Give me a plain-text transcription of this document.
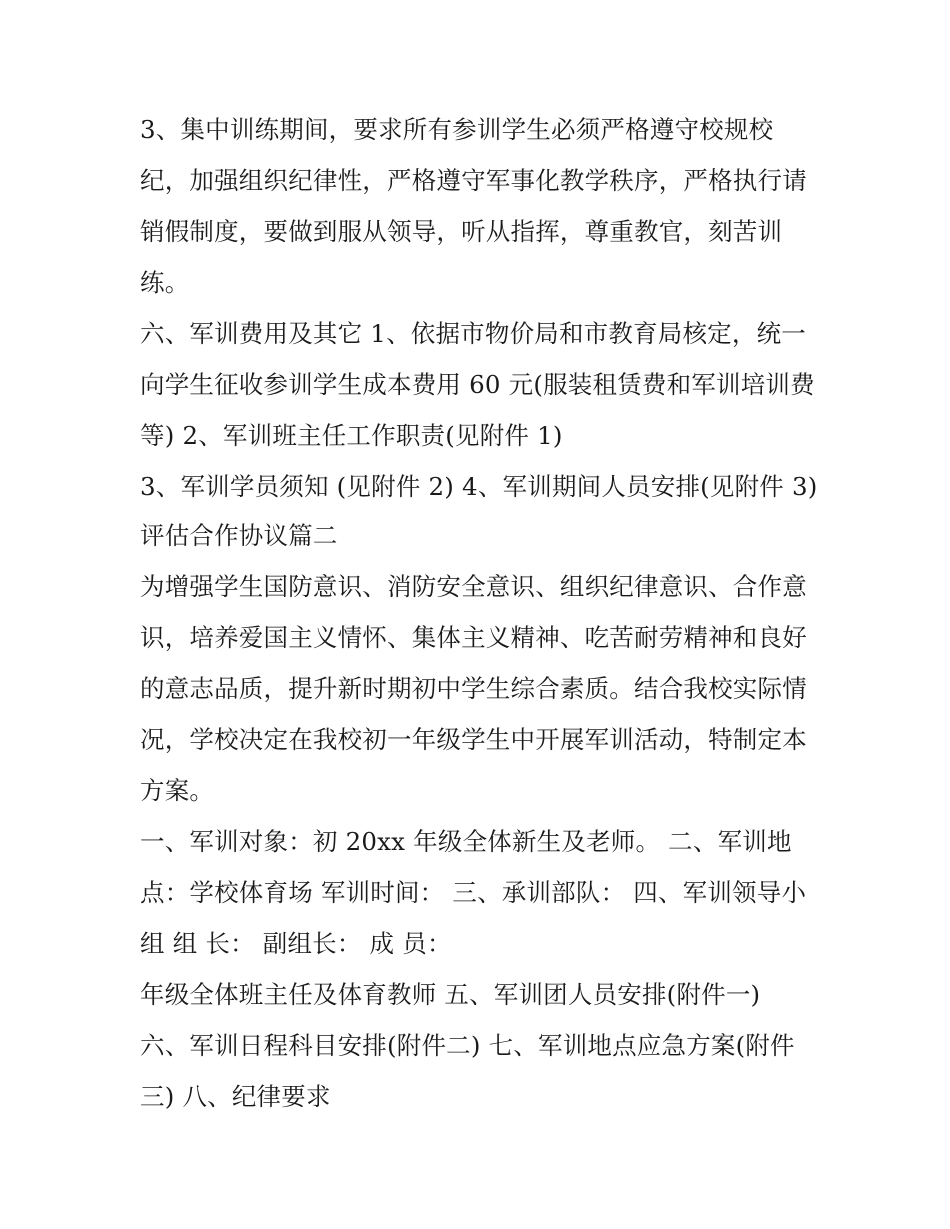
3、集中训练期间，要求所有参训学生必须严格遵守校规校
纪，加强组织纪律性，严格遵守军事化教学秩序，严格执行请
销假制度，要做到服从领导，听从指挥，尊重教官，刻苦训
练。
六、军训费用及其它 1、依据市物价局和市教育局核定，统一
向学生征收参训学生成本费用 60 元(服装租赁费和军训培训费
等) 2、军训班主任工作职责(见附件 1)
3、军训学员须知 (见附件 2) 4、军训期间人员安排(见附件 3)
评估合作协议篇二
为增强学生国防意识、消防安全意识、组织纪律意识、合作意
识，培养爱国主义情怀、集体主义精神、吃苦耐劳精神和良好
的意志品质，提升新时期初中学生综合素质。结合我校实际情
况，学校决定在我校初一年级学生中开展军训活动，特制定本
方案。
一、军训对象：初 20xx 年级全体新生及老师。 二、军训地
点：学校体育场 军训时间： 三、承训部队： 四、军训领导小
组 组 长： 副组长： 成 员：
年级全体班主任及体育教师 五、军训团人员安排(附件一)
六、军训日程科目安排(附件二) 七、军训地点应急方案(附件
三) 八、纪律要求
